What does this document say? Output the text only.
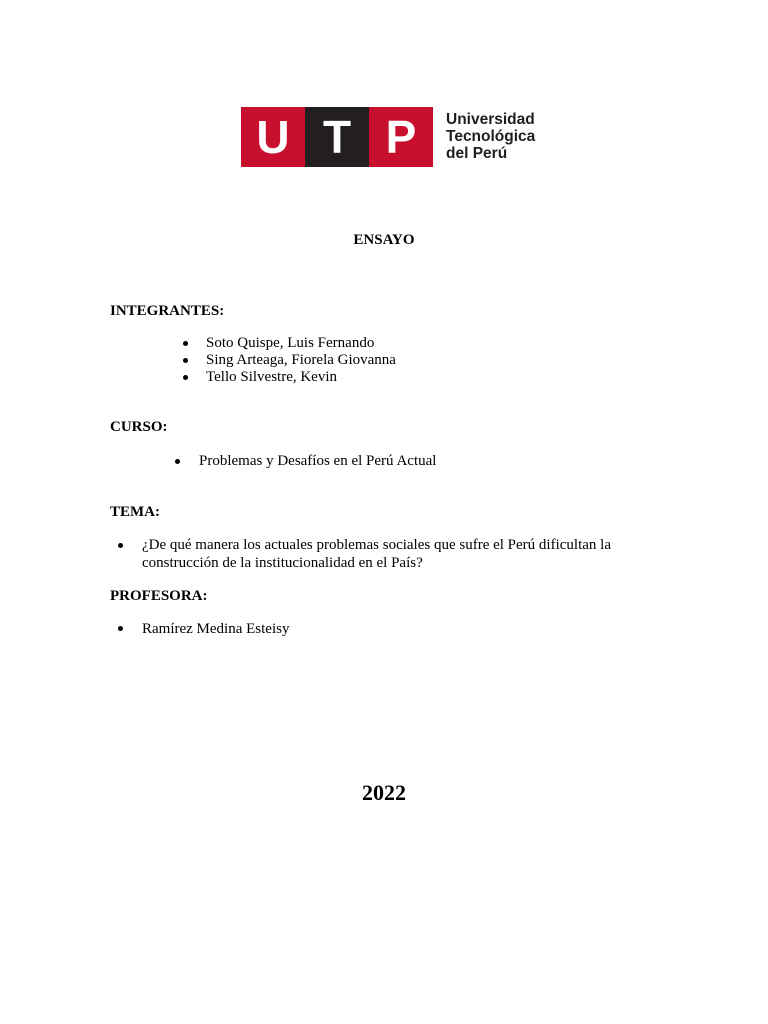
U T P	Universidad
Tecnológica
del Perú
ENSAYO
INTEGRANTES:
Soto Quispe, Luis Fernando
Sing Arteaga, Fiorela Giovanna
Tello Silvestre, Kevin
CURSO:
Problemas y Desafíos en el Perú Actual
TEMA:
¿De qué manera los actuales problemas sociales que sufre el Perú dificultan la
construcción de la institucionalidad en el País?
PROFESORA:
Ramírez Medina Esteisy
2022
